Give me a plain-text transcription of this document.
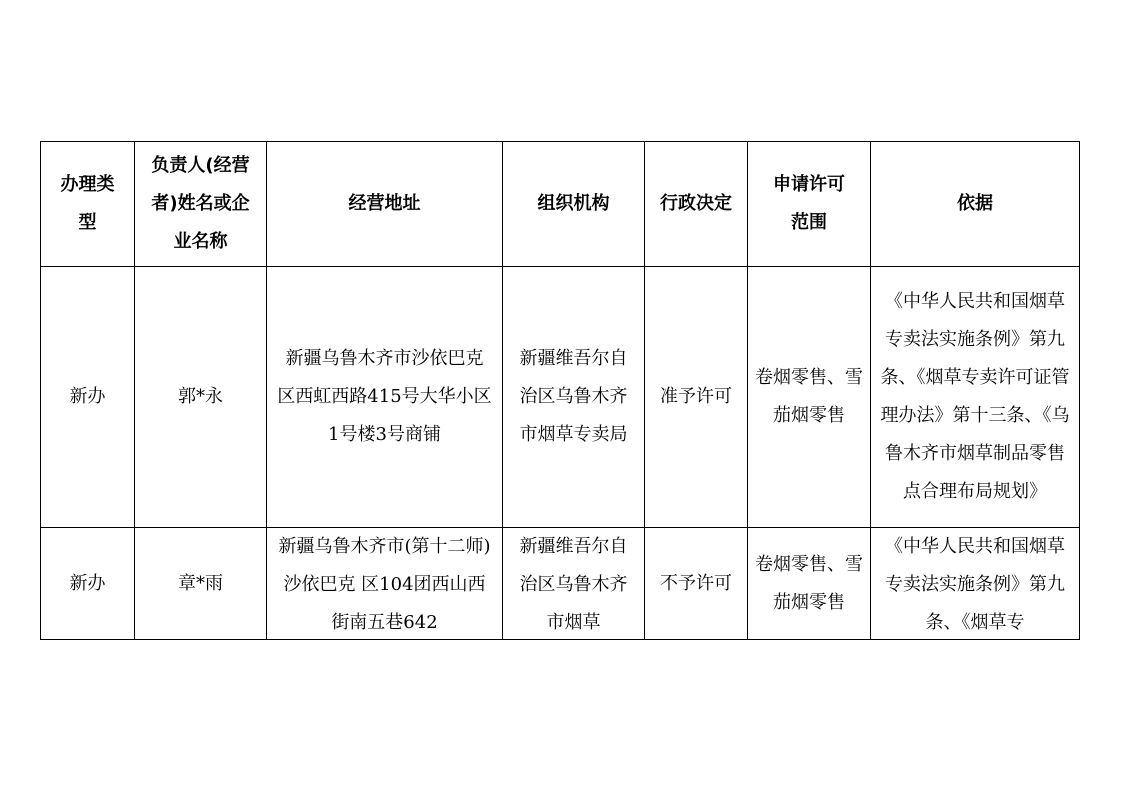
办理类型	负责人(经营者)姓名或企业名称	经营地址	组织机构	行政决定	申请许可范围	依据
新办	郭*永	新疆乌鲁木齐市沙依巴克区西虹西路415号大华小区1号楼3号商铺	新疆维吾尔自治区乌鲁木齐市烟草专卖局	准予许可	卷烟零售、雪茄烟零售	《中华人民共和国烟草专卖法实施条例》第九条、《烟草专卖许可证管理办法》第十三条、《乌鲁木齐市烟草制品零售点合理布局规划》
新办	章*雨	新疆乌鲁木齐市(第十二师) 沙依巴克 区104团西山西街南五巷642	新疆维吾尔自治区乌鲁木齐市烟草	不予许可	卷烟零售、雪茄烟零售	《中华人民共和国烟草专卖法实施条例》第九条、《烟草专
